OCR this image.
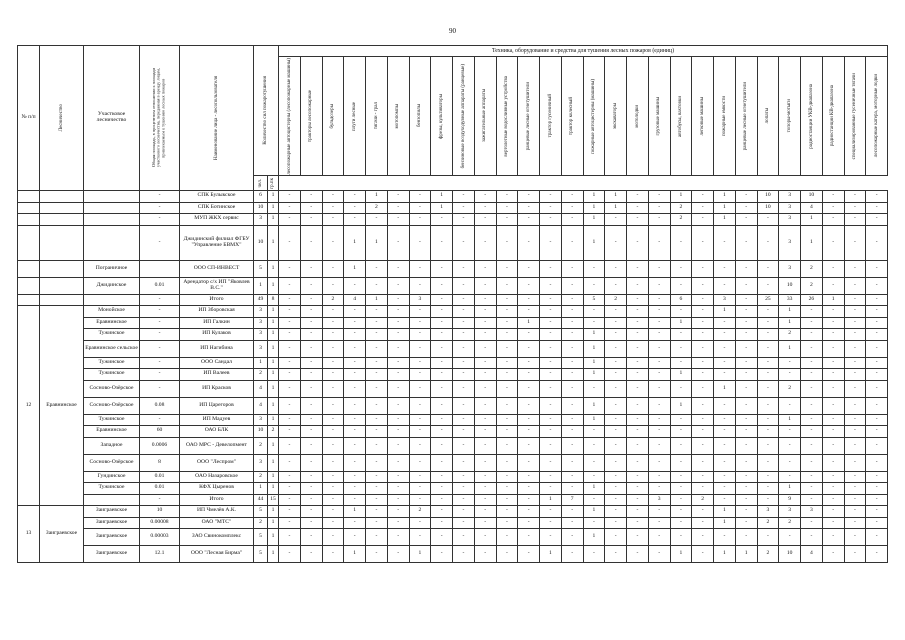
90
№ п/п	Лесничество	Участковое лесничество	Общая площадь, в процентном отношении к площади участкового лесничества, переданная в аренду лицам, привлекаемым к тушению лесных пожаров	Наименование лица - лесопользователя	Количество сил пожаротушения		Техника, оборудование и средства для тушения лесных пожаров (единиц)																											

							лесопожарные автоцистерны (лесопожарные машины)	тракторы лесопожарные	бульдозеры	плуги лесные	тягачи - грал	мотопомпы	бензопилы	фрезы, культиваторы	бензиновые воздуходувные аппараты (ранцевые)	зажигательные аппараты	вертолетные водосливные устройства	ранцевые лесные огнетушители	трактор гусеничный	трактор колесный	пожарные автоцистерны (машины)	экскаваторы	мотолодки	грузовые машины	автобусы, вахтовки	легковые машины	пожарные емкости	ранцевые лесные огнетушители	лопаты	топоры-мотыги	радиостанции УКВ-диапазона	радиостанции КВ-диапазона	специализированные гусеничные тягачи	лесопожарные катера, моторные лодки

					чел.	гр.пк																												

			-	СПК Булыкское	6	1	-	-	-	-	1	-	-	1	-	-	-	-	-	-	1	1	-	-	1	-	1	-	10	3	10	-	-	-
			-	СПК Ботинское	10	1	-	-	-	-	2	-	-	1	-	-	-	-	-	-	1	1	-	-	2	-	1	-	10	3	4	-	-	-
			-	МУП ЖКХ сервис	3	1	-	-	-	-	-	-	-	-	-	-	-	-	-	-	1	-	-	-	2	-	1	-	-	3	1	-	-	-
			-	Джидинский филиал ФГБУ "Управление БВМХ"	10	1	-	-	-	1	1	-	-	-	-	-	-	-	-	-	1	-	-	-	-	-	-	-	-	3	1	-	-	-
		Пограничное		ООО СП-ИНВЕСТ	5	1	-	-	-	1	-	-	-	-	-	-	-	-	-	-	-	-	-	-	-	-	-	-	-	3	2	-	-	-
		Джидинское	0.01	Арендатор с/х ИП "Яковлев В.С."	1	1	-	-	-	-	-	-	-	-	-	-	-	-	-	-	-	-	-	-	-	-	-	-	-	10	2	-	-	-
			-	Итого	49	8	-	-	2	4	1	-	3	-	-	-	-	-	-	-	5	2	-	-	6	-	3	-	25	33	26	1	-	-
12	Еравнинское	Монойское	-	ИП Зборовская	3	1	-	-	-	-	-	-	-	-	-	-	-	-	-	-	-	-	-	-	-	-	1	-	-	1	-	-	-	-
		Еравнинское	-	ИП Галкин	3	1	-	-	-	-	-	-	-	-	-	-	-	1	-	-	-	-	-	-	1	-	-	-	-	1	-	-	-	-
		Тужинское	-	ИП Кулаков	3	1	-	-	-	-	-	-	-	-	-	-	-	-	-	-	1	-	-	-	-	-	-	-	-	2	-	-	-	-
		Еравнинское сельское	-	ИП Нагибина	3	1	-	-	-	-	-	-	-	-	-	-	-	-	-	-	1	-	-	-	-	-	-	-	-	1	-	-	-	-
		Тужинское	-	ООО Сандал	1	1	-	-	-	-	-	-	-	-	-	-	-	-	-	-	1	-	-	-	-	-	-	-	-	-	-	-	-	-
		Тужинское	-	ИП Валеев	2	1	-	-	-	-	-	-	-	-	-	-	-	-	-	-	1	-	-	-	1	-	-	-	-	-	-	-	-	-
		Сосново-Озёрское	-	ИП Красков	4	1	-	-	-	-	-	-	-	-	-	-	-	-	-	-	-	-	-	-	-	-	1	-	-	2	-	-	-	-
		Сосново-Озёрское	0.08	ИП Царегоров	4	1	-	-	-	-	-	-	-	-	-	-	-	-	-	-	1	-	-	-	1	-	-	-	-	-	-	-	-	-
		Тужинское	-	ИП Мадуев	3	1	-	-	-	-	-	-	-	-	-	-	-	-	-	-	1	-	-	-	-	-	-	-	-	1	-	-	-	-
		Еравнинское	60	ОАО БЛК	10	2	-	-	-	-	-	-	-	-	-	-	-	-	-	-	-	-	-	-	-	-	-	-	-	-	-	-	-	-
		Западное	0.0006	ОАО МРС - Девелопмент	2	1	-	-	-	-	-	-	-	-	-	-	-	-	-	-	-	-	-	-	-	-	-	-	-	-	-	-	-	-
		Сосново-Озёрское	8	ООО "Леспром"	3	1	-	-	-	-	-	-	-	-	-	-	-	-	-	-	-	-	-	-	-	-	-	-	-	-	-	-	-	-
		Гундинское	0.01	ОАО Назаровское	2	1	-	-	-	-	-	-	-	-	-	-	-	-	-	-	-	-	-	-	-	-	-	-	-	-	-	-	-	-
		Тужинское	0.01	КФХ Цыренов	1	1	-	-	-	-	-	-	-	-	-	-	-	-	-	-	1	-	-	-	-	-	-	-	-	1	-	-	-	-
			-	Итого	44	15	-	-	-	-	-	-	-	-	-	-	-	-	1	7	-	-	-	3	-	2	-	-	-	9	-	-	-	-
13	Заиграевское	Заиграевское	10	ИП Чмелёв А.К.	5	1	-	-	-	1	-	-	2	-	-	-	-	-	-	-	1	-	-	-	-	-	1	-	3	3	3	-	-	-
		Заиграевское	0.00008	ОАО "МТС"	2	1	-	-	-	-	-	-	-	-	-	-	-	-	-	-	-	-	-	-	-	-	1	-	2	2	-	-	-	-
		Заиграевское	0.00003	ЗАО Свинокомплекс	5	1	-	-	-	-	-	-	-	-	-	-	-	-	-	-	1	-	-	-	-	-	-	-	-	-	-	-	-	-
		Заиграевское	12.1	ООО "Лесная Бирма"	5	1	-	-	-	1	-	-	1	-	-	-	-	-	1	-	-	-	-	-	1	-	1	1	2	10	4	-	-	-
